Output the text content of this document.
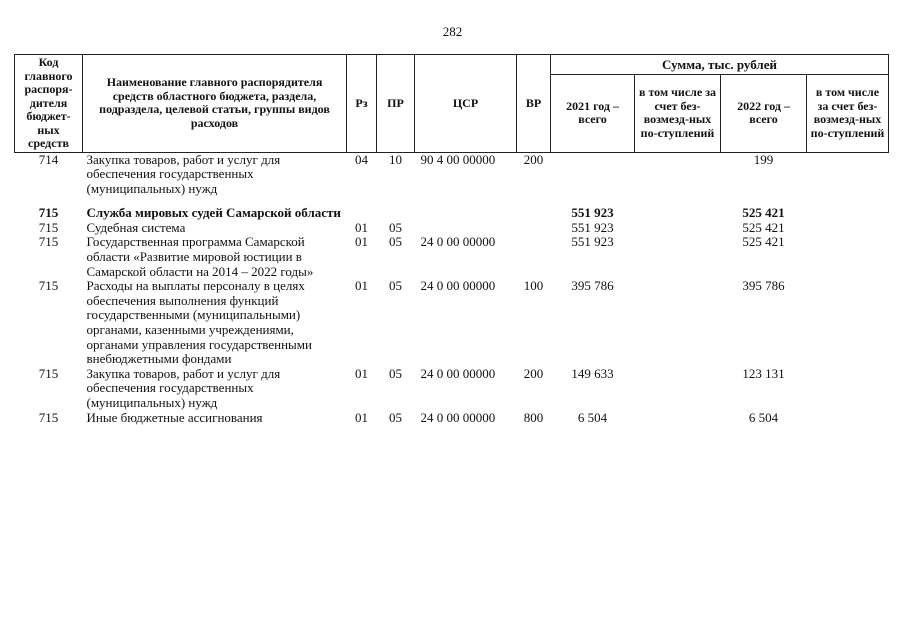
282
Код главного распоря-дителя бюджет-ных средств	Наименование главного распорядителя средств областного бюджета, раздела, подраздела, целевой статьи, группы видов расходов	Рз	ПР	ЦСР	ВР	Сумма, тыс. рублей			
						2021 год – всего	в том числе за счет без-возмезд-ных по-ступлений	2022 год – всего	в том числе за счет без-возмезд-ных по-ступлений
714	Закупка товаров, работ и услуг для обеспечения государственных (муниципальных) нужд	04	10	90 4 00 00000	200			199	
715	Служба мировых судей Самарской области					551 923		525 421	
715	Судебная система	01	05			551 923		525 421	
715	Государственная программа Самарской области «Развитие мировой юстиции в Самарской области на 2014 – 2022 годы»	01	05	24 0 00 00000		551 923		525 421	
715	Расходы на выплаты персоналу в целях обеспечения выполнения функций государственными (муниципальными) органами, казенными учреждениями, органами управления государственными внебюджетными фондами	01	05	24 0 00 00000	100	395 786		395 786	
715	Закупка товаров, работ и услуг для обеспечения государственных (муниципальных) нужд	01	05	24 0 00 00000	200	149 633		123 131	
715	Иные бюджетные ассигнования	01	05	24 0 00 00000	800	6 504		6 504	
